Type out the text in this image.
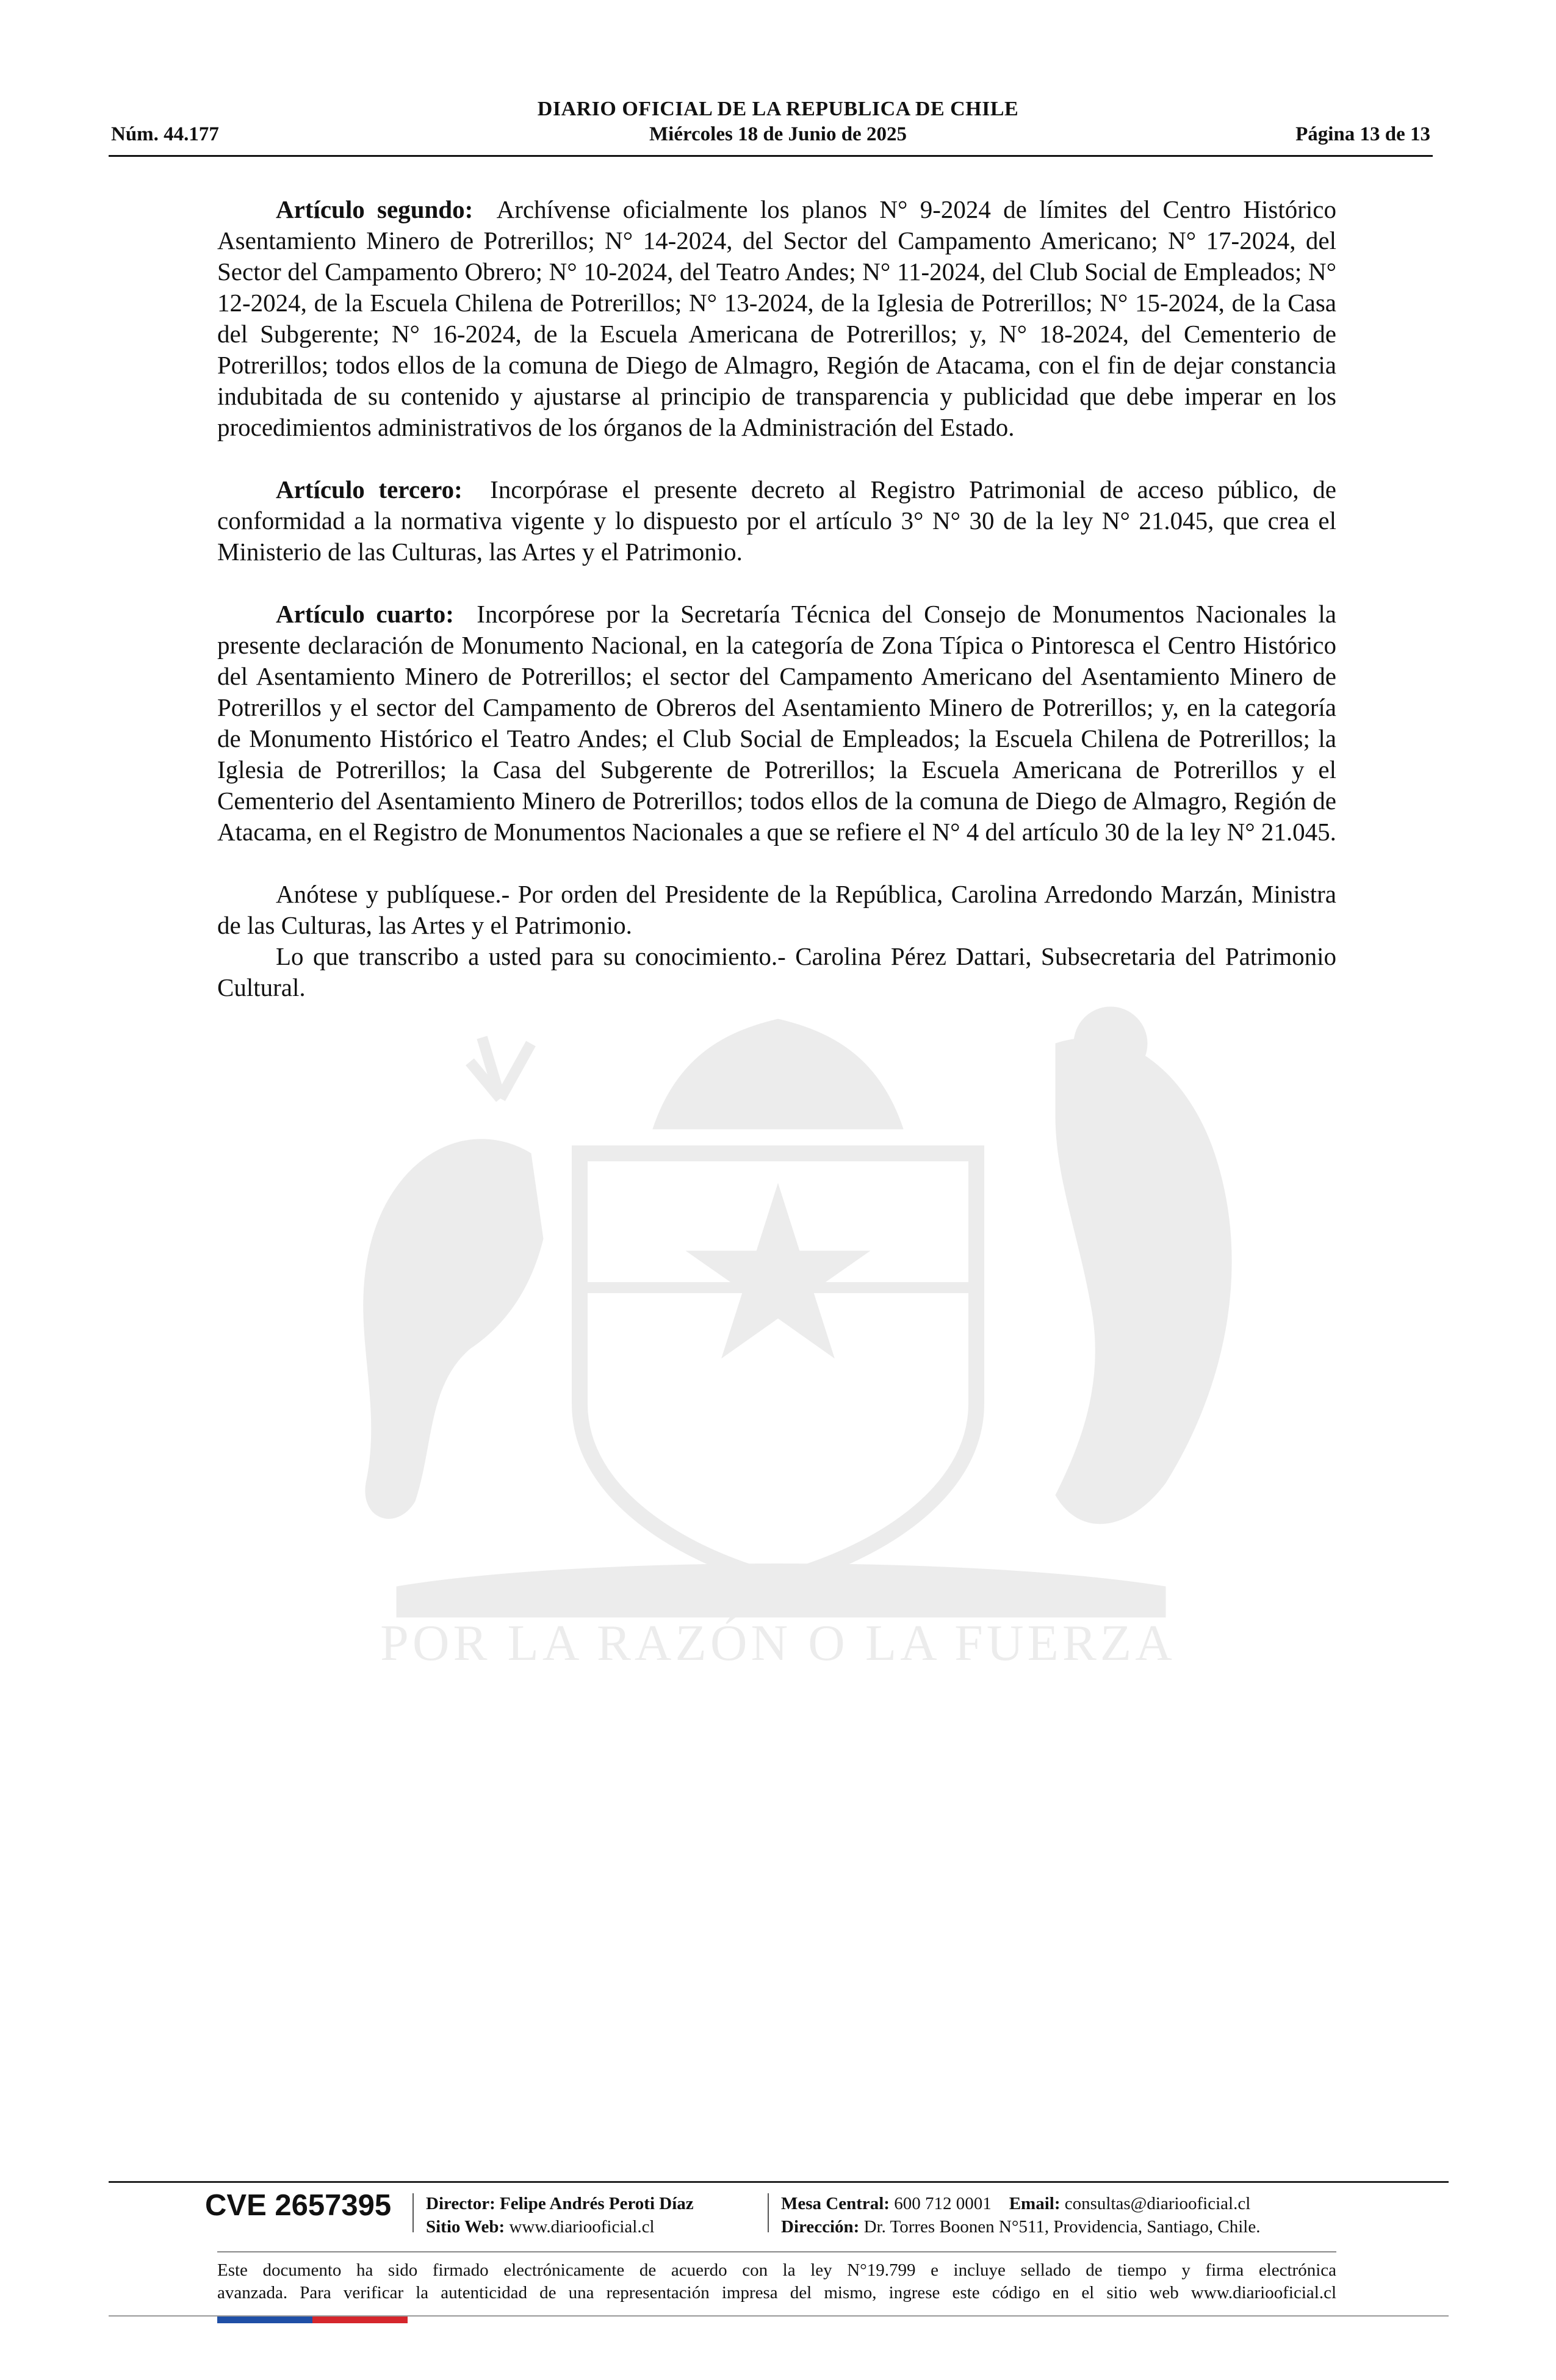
POR LA RAZÓN O LA FUERZA
DIARIO OFICIAL DE LA REPUBLICA DE CHILE
Núm. 44.177	Miércoles 18 de Junio de 2025	Página 13 de 13

Artículo segundo: Archívense oficialmente los planos N° 9-2024 de límites del Centro Histórico Asentamiento Minero de Potrerillos; N° 14-2024, del Sector del Campamento Americano; N° 17-2024, del Sector del Campamento Obrero; N° 10-2024, del Teatro Andes; N° 11-2024, del Club Social de Empleados; N° 12-2024, de la Escuela Chilena de Potrerillos; N° 13-2024, de la Iglesia de Potrerillos; N° 15-2024, de la Casa del Subgerente; N° 16-2024, de la Escuela Americana de Potrerillos; y, N° 18-2024, del Cementerio de Potrerillos; todos ellos de la comuna de Diego de Almagro, Región de Atacama, con el fin de dejar constancia indubitada de su contenido y ajustarse al principio de transparencia y publicidad que debe imperar en los procedimientos administrativos de los órganos de la Administración del Estado.

Artículo tercero: Incorpórase el presente decreto al Registro Patrimonial de acceso público, de conformidad a la normativa vigente y lo dispuesto por el artículo 3° N° 30 de la ley N° 21.045, que crea el Ministerio de las Culturas, las Artes y el Patrimonio.

Artículo cuarto: Incorpórese por la Secretaría Técnica del Consejo de Monumentos Nacionales la presente declaración de Monumento Nacional, en la categoría de Zona Típica o Pintoresca el Centro Histórico del Asentamiento Minero de Potrerillos; el sector del Campamento Americano del Asentamiento Minero de Potrerillos y el sector del Campamento de Obreros del Asentamiento Minero de Potrerillos; y, en la categoría de Monumento Histórico el Teatro Andes; el Club Social de Empleados; la Escuela Chilena de Potrerillos; la Iglesia de Potrerillos; la Casa del Subgerente de Potrerillos; la Escuela Americana de Potrerillos y el Cementerio del Asentamiento Minero de Potrerillos; todos ellos de la comuna de Diego de Almagro, Región de Atacama, en el Registro de Monumentos Nacionales a que se refiere el N° 4 del artículo 30 de la ley N° 21.045.

Anótese y publíquese.- Por orden del Presidente de la República, Carolina Arredondo Marzán, Ministra de las Culturas, las Artes y el Patrimonio.

Lo que transcribo a usted para su conocimiento.- Carolina Pérez Dattari, Subsecretaria del Patrimonio Cultural.

CVE 2657395 Director: Felipe Andrés Peroti Díaz
Sitio Web: www.diariooficial.cl
Mesa Central: 600 712 0001 Email: consultas@diariooficial.cl
Dirección: Dr. Torres Boonen N°511, Providencia, Santiago, Chile.
Este documento ha sido firmado electrónicamente de acuerdo con la ley N°19.799 e incluye sellado de tiempo y firma electrónica
avanzada. Para verificar la autenticidad de una representación impresa del mismo, ingrese este código en el sitio web www.diariooficial.cl
